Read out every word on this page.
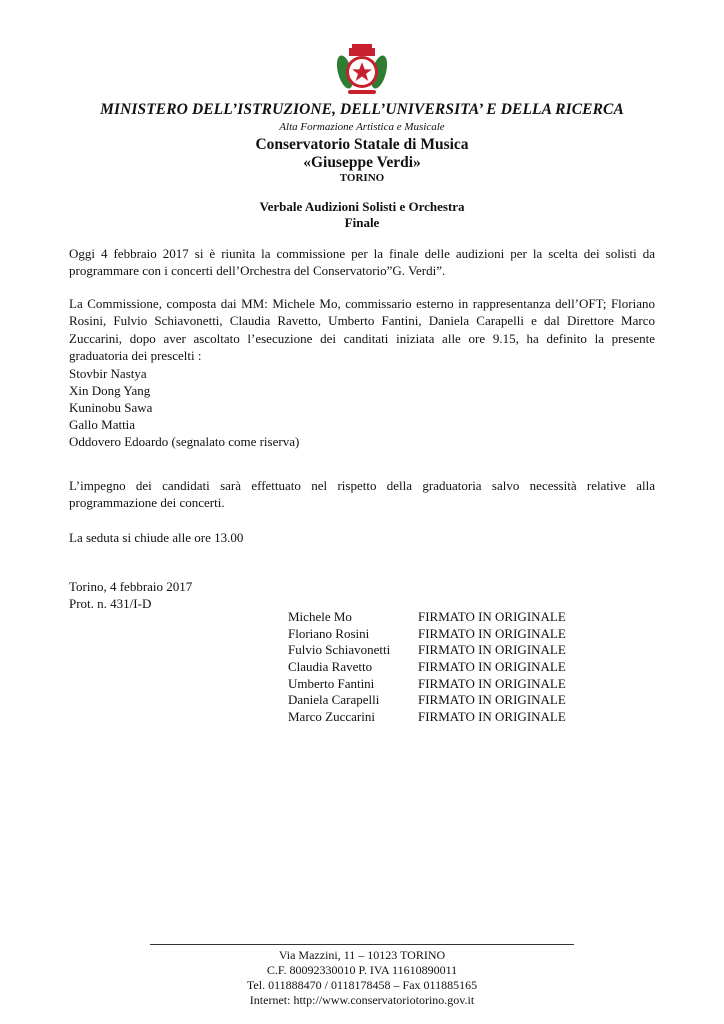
MINISTERO DELL’ISTRUZIONE, DELL’UNIVERSITA’ E DELLA RICERCA
Alta Formazione Artistica e Musicale
Conservatorio Statale di Musica
«Giuseppe Verdi»
TORINO
Verbale Audizioni Solisti e Orchestra
Finale
Oggi 4 febbraio 2017 si è riunita la commissione per la finale delle audizioni per la scelta dei solisti da programmare con i concerti dell’Orchestra del Conservatorio”G. Verdi”.
La Commissione, composta dai MM: Michele Mo, commissario esterno in rappresentanza dell’OFT; Floriano Rosini, Fulvio Schiavonetti, Claudia Ravetto, Umberto Fantini, Daniela Carapelli e dal Direttore Marco Zuccarini, dopo aver ascoltato l’esecuzione dei canditati iniziata alle ore 9.15, ha definito la presente graduatoria dei prescelti :
Stovbir Nastya
Xin Dong Yang
Kuninobu Sawa
Gallo Mattia
Oddovero Edoardo (segnalato come riserva)
L’impegno dei candidati sarà effettuato nel rispetto della graduatoria salvo necessità relative alla programmazione dei concerti.
La seduta si chiude alle ore 13.00
Torino, 4 febbraio 2017
Prot. n. 431/I-D
Michele Mo	FIRMATO IN ORIGINALE
Floriano Rosini	FIRMATO IN ORIGINALE
Fulvio Schiavonetti	FIRMATO IN ORIGINALE
Claudia Ravetto	FIRMATO IN ORIGINALE
Umberto Fantini	FIRMATO IN ORIGINALE
Daniela Carapelli	FIRMATO IN ORIGINALE
Marco Zuccarini	FIRMATO IN ORIGINALE
Via Mazzini, 11 – 10123 TORINO
C.F. 80092330010 P. IVA 11610890011
Tel. 011888470 / 0118178458 – Fax 011885165
Internet: http://www.conservatoriotorino.gov.it
